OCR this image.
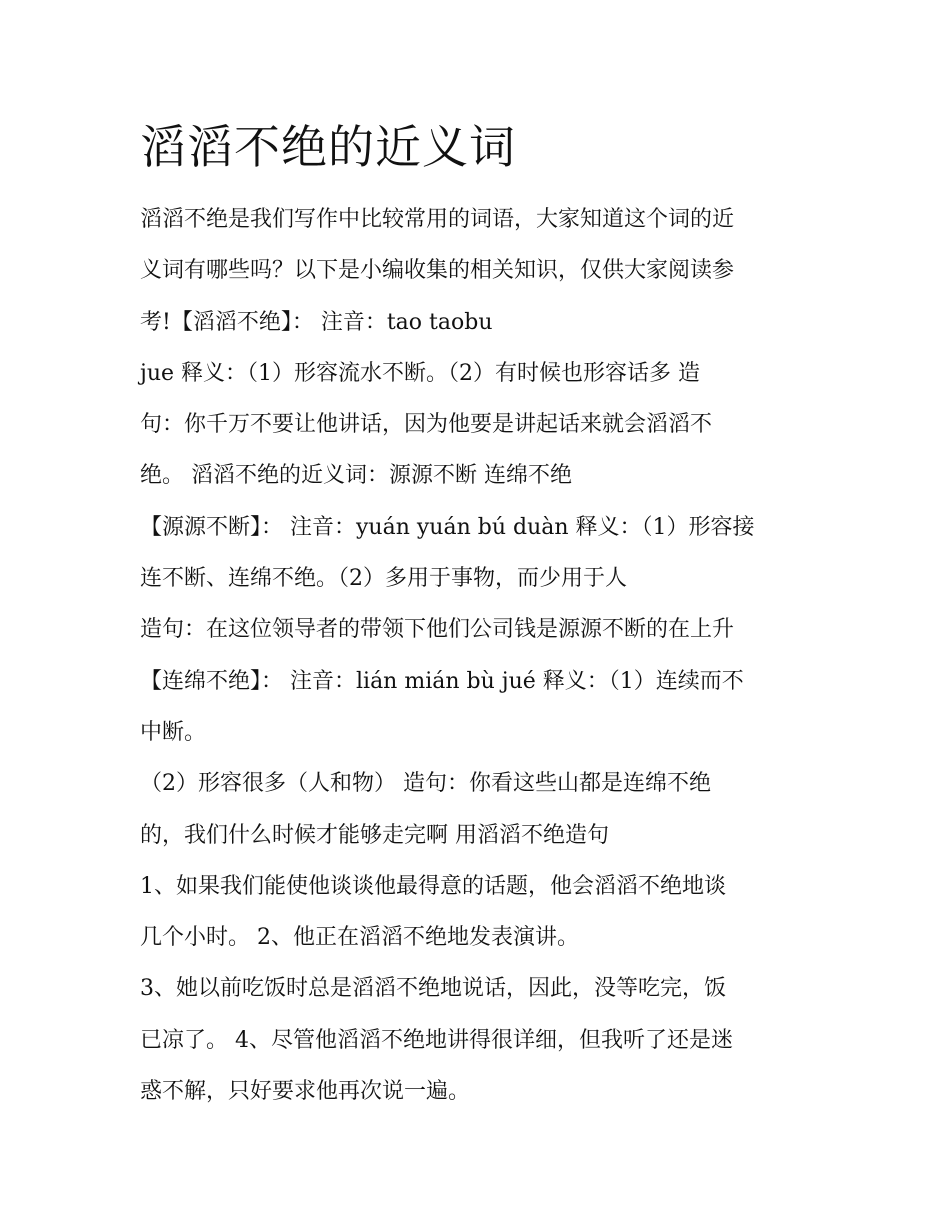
滔滔不绝的近义词
滔滔不绝是我们写作中比较常用的词语，大家知道这个词的近
义词有哪些吗？以下是小编收集的相关知识，仅供大家阅读参
考!【滔滔不绝】： 注音：tao taobu
jue 释义：（1）形容流水不断。（2）有时候也形容话多 造
句：你千万不要让他讲话，因为他要是讲起话来就会滔滔不
绝。 滔滔不绝的近义词：源源不断 连绵不绝
【源源不断】： 注音：yuán yuán bú duàn 释义：（1）形容接
连不断、连绵不绝。（2）多用于事物，而少用于人
造句：在这位领导者的带领下他们公司钱是源源不断的在上升
【连绵不绝】： 注音：lián mián bù jué 释义：（1）连续而不
中断。
（2）形容很多（人和物） 造句：你看这些山都是连绵不绝
的，我们什么时候才能够走完啊 用滔滔不绝造句
1、如果我们能使他谈谈他最得意的话题，他会滔滔不绝地谈
几个小时。 2、他正在滔滔不绝地发表演讲。
3、她以前吃饭时总是滔滔不绝地说话，因此，没等吃完，饭
已凉了。 4、尽管他滔滔不绝地讲得很详细，但我听了还是迷
惑不解，只好要求他再次说一遍。
